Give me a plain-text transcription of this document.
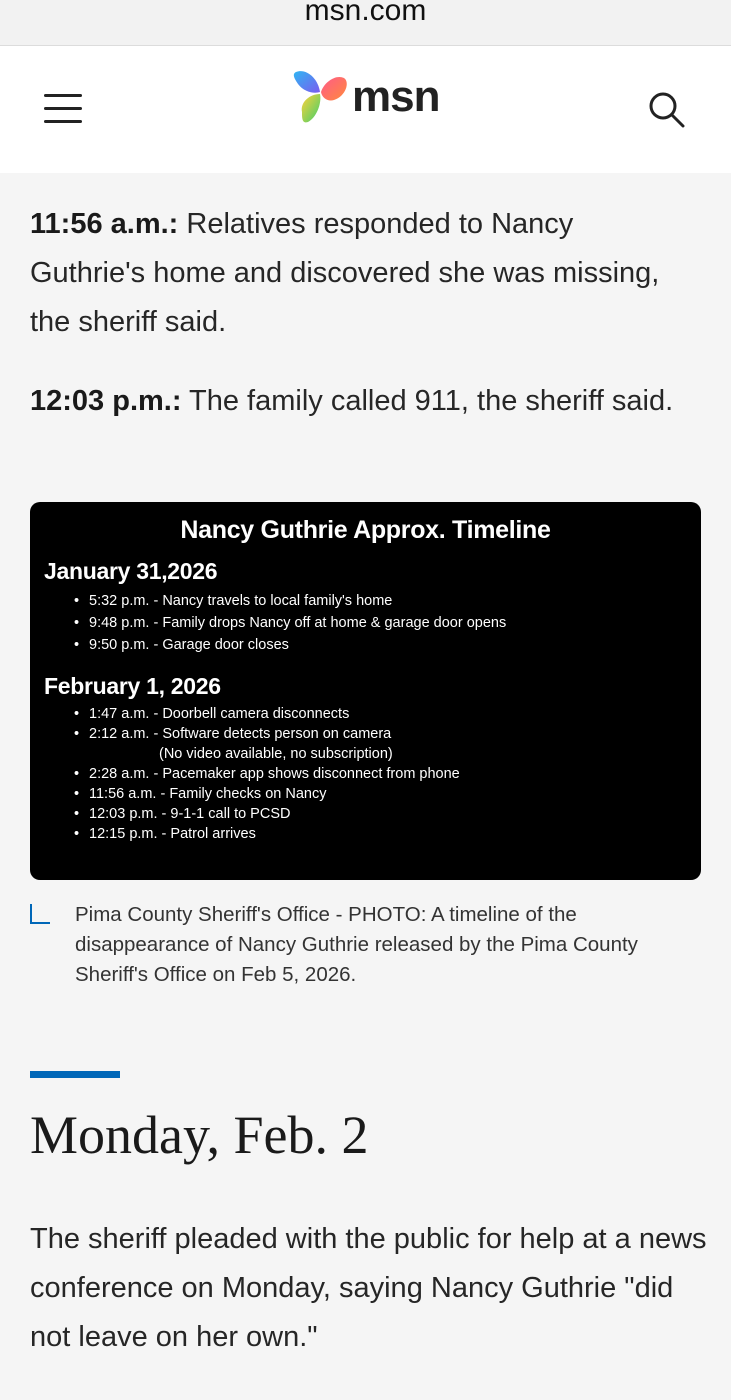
msn.com
msn

11:56 a.m.: Relatives responded to Nancy Guthrie's home and discovered she was missing, the sheriff said.

12:03 p.m.: The family called 911, the sheriff said.

Nancy Guthrie Approx. Timeline
January 31,2026
• 5:32 p.m. - Nancy travels to local family's home
• 9:48 p.m. - Family drops Nancy off at home & garage door opens
• 9:50 p.m. - Garage door closes
February 1, 2026
• 1:47 a.m. - Doorbell camera disconnects
• 2:12 a.m. - Software detects person on camera
(No video available, no subscription)
• 2:28 a.m. - Pacemaker app shows disconnect from phone
• 11:56 a.m. - Family checks on Nancy
• 12:03 p.m. - 9-1-1 call to PCSD
• 12:15 p.m. - Patrol arrives
Pima County Sheriff's Office - PHOTO: A timeline of the disappearance of Nancy Guthrie released by the Pima County Sheriff's Office on Feb 5, 2026.
Monday, Feb. 2

The sheriff pleaded with the public for help at a news conference on Monday, saying Nancy Guthrie "did not leave on her own."
